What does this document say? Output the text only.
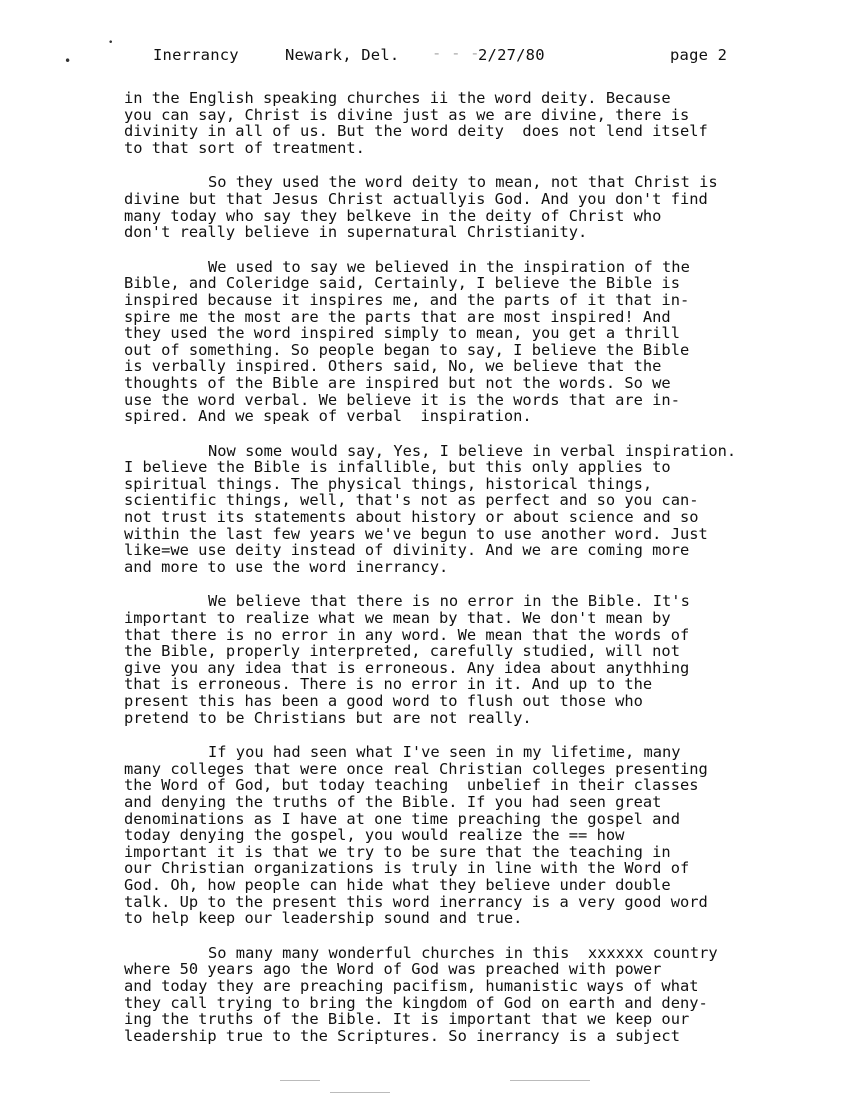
•
•
Inerrancy	Newark, Del. - - -
2/27/80	page 2
in the English speaking churches ii the word deity. Because
you can say, Christ is divine just as we are divine, there is
divinity in all of us. But the word deity  does not lend itself
to that sort of treatment.
So they used the word deity to mean, not that Christ is
divine but that Jesus Christ actuallyis God. And you don't find
many today who say they belkeve in the deity of Christ who
don't really believe in supernatural Christianity.
We used to say we believed in the inspiration of the
Bible, and Coleridge said, Certainly, I believe the Bible is
inspired because it inspires me, and the parts of it that in-
spire me the most are the parts that are most inspired! And
they used the word inspired simply to mean, you get a thrill
out of something. So people began to say, I believe the Bible
is verbally inspired. Others said, No, we believe that the
thoughts of the Bible are inspired but not the words. So we
use the word verbal. We believe it is the words that are in-
spired. And we speak of verbal  inspiration.
Now some would say, Yes, I believe in verbal inspiration.
I believe the Bible is infallible, but this only applies to
spiritual things. The physical things, historical things,
scientific things, well, that's not as perfect and so you can-
not trust its statements about history or about science and so
within the last few years we've begun to use another word. Just
like=we use deity instead of divinity. And we are coming more
and more to use the word inerrancy.
We believe that there is no error in the Bible. It's
important to realize what we mean by that. We don't mean by
that there is no error in any word. We mean that the words of
the Bible, properly interpreted, carefully studied, will not
give you any idea that is erroneous. Any idea about anythhing
that is erroneous. There is no error in it. And up to the
present this has been a good word to flush out those who
pretend to be Christians but are not really.
If you had seen what I've seen in my lifetime, many
many colleges that were once real Christian colleges presenting
the Word of God, but today teaching  unbelief in their classes
and denying the truths of the Bible. If you had seen great
denominations as I have at one time preaching the gospel and
today denying the gospel, you would realize the == how
important it is that we try to be sure that the teaching in
our Christian organizations is truly in line with the Word of
God. Oh, how people can hide what they believe under double
talk. Up to the present this word inerrancy is a very good word
to help keep our leadership sound and true.
So many many wonderful churches in this  xxxxxx country
where 50 years ago the Word of God was preached with power
and today they are preaching pacifism, humanistic ways of what
they call trying to bring the kingdom of God on earth and deny-
ing the truths of the Bible. It is important that we keep our
leadership true to the Scriptures. So inerrancy is a subject
